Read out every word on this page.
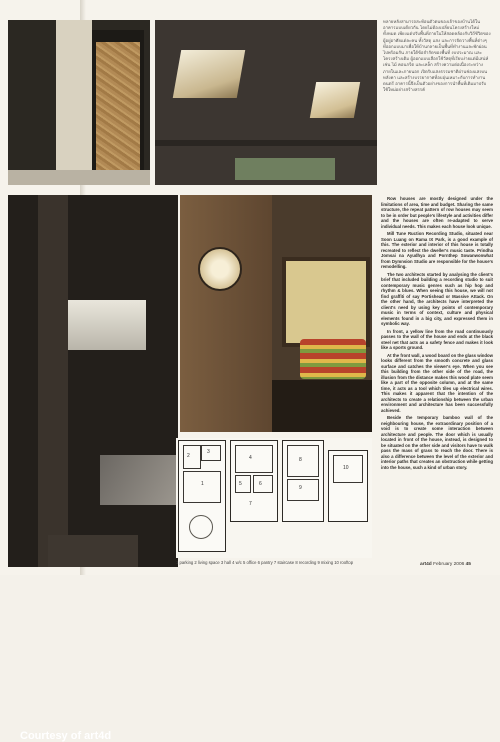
Courtesy of art4d
1
2
3
4
5	6
7
8
9
10
1 parking 2 living space 3 hall 4 w/c 5 office 6 pantry 7 staircase 8 recording 9 mixing 10 rooftop
หลายหลังสามารถสะท้อนตัวตนของเจ้าของบ้านได้ในอาคารแบบเดียวกัน โดยไม่ต้องเปลี่ยนโครงสร้างใหม่ทั้งหมด เพียงแต่ปรับพื้นที่ภายในให้สอดคล้องกับวิถีชีวิตของผู้อยู่อาศัยแต่ละคน ทั้งวัสดุ แสง และการจัดวางพื้นที่ต่างๆ ที่ออกแบบมาเพื่อให้บ้านกลายเป็นพื้นที่ทำงานและพักผ่อนไปพร้อมกัน ภายใต้ข้อจำกัดของพื้นที่ งบประมาณ และโครงสร้างเดิม ผู้ออกแบบเลือกใช้วัสดุที่เรียบง่ายแต่มีเสน่ห์ เช่น ไม้ คอนกรีต และเหล็ก สร้างความต่อเนื่องระหว่างภายในและภายนอก เปิดรับแสงธรรมชาติผ่านช่องแสงบนหลังคา และสร้างบรรยากาศที่อบอุ่นเหมาะกับการทำงานดนตรี อาคารนี้จึงเป็นตัวอย่างของการนำพื้นที่เดิมมาปรับใช้ใหม่อย่างสร้างสรรค์

Row houses are mostly designed under the limitations of area, time and budget. Sharing the same structure, the repeat pattern of row houses may seem to be in order but people's lifestyle and activities differ and the houses are often re-adapted to serve individual needs. This makes each house look unique.

Mill Tune Ruction Recording Studio, situated near Soon Luang on Rama IX Park, is a good example of this. The exterior and interior of this house is totally recreated to reflect the dweller's music taste. Prindha Jomsai na Ayudhya and Pornthep Sowanwonwhat from Dymnsion Studio are responsible for the house's remodelling.

The two architects started by analysing the client's brief that included building a recording studio to suit contemporary music genres such as hip hop and rhythm & blues. When seeing this house, we will not find graffiti of say Portishead or Massive Attack. On the other hand, the architects have interpreted the client's need by using key points of contemporary music in terms of context, culture and physical elements found in a big city, and expressed them in symbolic way.

In front, a yellow line from the road continuously passes to the wall of the house and ends at the black steel net that acts as a safety fence and makes it look like a sports ground.

At the front wall, a wood board on the glass window looks different from the smooth concrete and glass surface and catches the viewer's eye. When you see this building from the other side of the road, the illusion from the distance makes this wood plate seem like a part of the opposite column, and at the same time, it acts as a tool which tiles up electrical wires. This makes it apparent that the intention of the architects to create a relationship between the urban environment and architecture has been successfully achieved.

Beside the temporary bamboo wall of the neighbouring house, the extraordinary position of a void is to create some interaction between architecture and people. The door which is usually located in front of the house, instead, is designed to be situated on the other side and visitors have to walk pass the mass of grass to reach the door. There is also a difference between the level of the exterior and interior paths that creates an obstruction while getting into the house, such a kind of urban story.

art4d February 2006 45
